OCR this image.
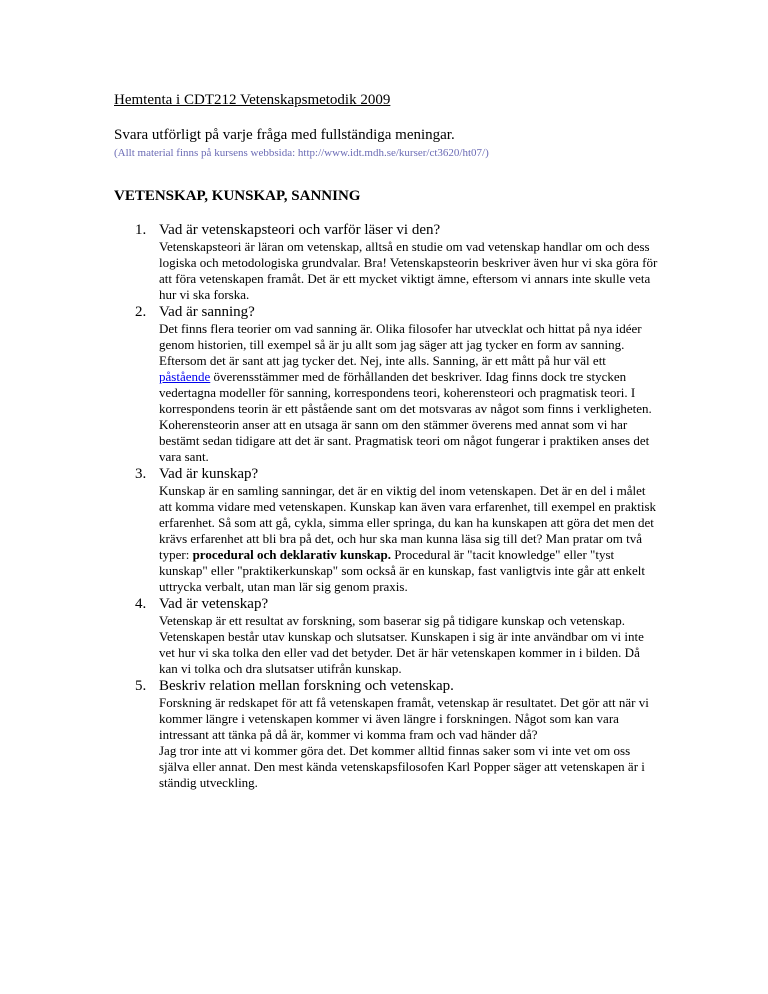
Hemtenta i CDT212 Vetenskapsmetodik 2009

Svara utförligt på varje fråga med fullständiga meningar.

(Allt material finns på kursens webbsida: http://www.idt.mdh.se/kurser/ct3620/ht07/)

VETENSKAP, KUNSKAP, SANNING

1. Vad är vetenskapsteori och varför läser vi den?

Vetenskapsteori är läran om vetenskap, alltså en studie om vad vetenskap handlar om och dess logiska och metodologiska grundvalar. Bra! Vetenskapsteorin beskriver även hur vi ska göra för att föra vetenskapen framåt. Det är ett mycket viktigt ämne, eftersom vi annars inte skulle veta hur vi ska forska.

2. Vad är sanning?

Det finns flera teorier om vad sanning är. Olika filosofer har utvecklat och hittat på nya idéer genom historien, till exempel så är ju allt som jag säger att jag tycker en form av sanning. Eftersom det är sant att jag tycker det. Nej, inte alls. Sanning, är ett mått på hur väl ett påstående överensstämmer med de förhållanden det beskriver. Idag finns dock tre stycken vedertagna modeller för sanning, korrespondens teori, koherensteori och pragmatisk teori. I korrespondens teorin är ett påstående sant om det motsvaras av något som finns i verkligheten. Koherensteorin anser att en utsaga är sann om den stämmer överens med annat som vi har bestämt sedan tidigare att det är sant. Pragmatisk teori om något fungerar i praktiken anses det vara sant.

3. Vad är kunskap?

Kunskap är en samling sanningar, det är en viktig del inom vetenskapen. Det är en del i målet att komma vidare med vetenskapen. Kunskap kan även vara erfarenhet, till exempel en praktisk erfarenhet. Så som att gå, cykla, simma eller springa, du kan ha kunskapen att göra det men det krävs erfarenhet att bli bra på det, och hur ska man kunna läsa sig till det? Man pratar om två typer: procedural och deklarativ kunskap. Procedural är "tacit knowledge" eller "tyst kunskap" eller "praktikerkunskap" som också är en kunskap, fast vanligtvis inte går att enkelt uttrycka verbalt, utan man lär sig genom praxis.

4. Vad är vetenskap?

Vetenskap är ett resultat av forskning, som baserar sig på tidigare kunskap och vetenskap. Vetenskapen består utav kunskap och slutsatser. Kunskapen i sig är inte användbar om vi inte vet hur vi ska tolka den eller vad det betyder. Det är här vetenskapen kommer in i bilden. Då kan vi tolka och dra slutsatser utifrån kunskap.

5. Beskriv relation mellan forskning och vetenskap.

Forskning är redskapet för att få vetenskapen framåt, vetenskap är resultatet. Det gör att när vi kommer längre i vetenskapen kommer vi även längre i forskningen. Något som kan vara intressant att tänka på då är, kommer vi komma fram och vad händer då?

Jag tror inte att vi kommer göra det. Det kommer alltid finnas saker som vi inte vet om oss själva eller annat. Den mest kända vetenskapsfilosofen Karl Popper säger att vetenskapen är i ständig utveckling.
